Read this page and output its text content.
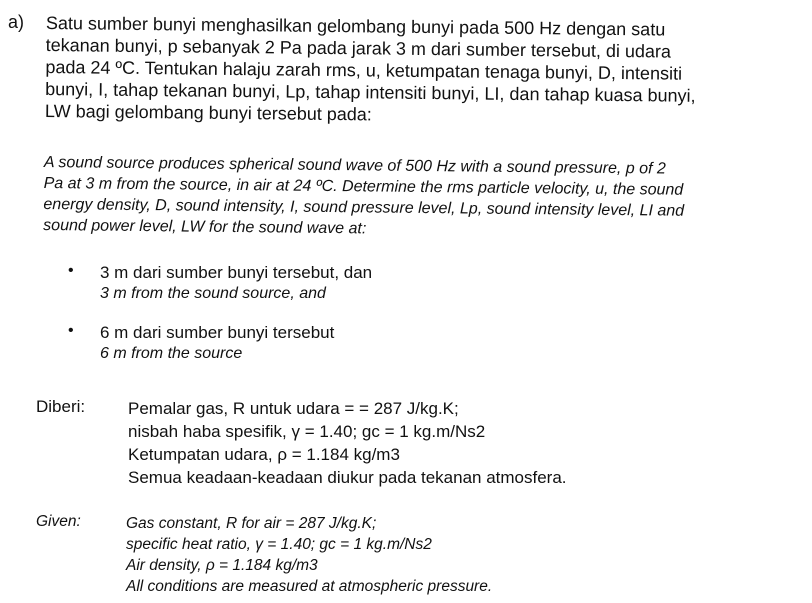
a) Satu sumber bunyi menghasilkan gelombang bunyi pada 500 Hz dengan satu

tekanan bunyi, p sebanyak 2 Pa pada jarak 3 m dari sumber tersebut, di udara

pada 24 ºC. Tentukan halaju zarah rms, u, ketumpatan tenaga bunyi, D, intensiti

bunyi, I, tahap tekanan bunyi, Lp, tahap intensiti bunyi, LI, dan tahap kuasa bunyi,

LW bagi gelombang bunyi tersebut pada:

A sound source produces spherical sound wave of 500 Hz with a sound pressure, p of 2

Pa at 3 m from the source, in air at 24 ºC. Determine the rms particle velocity, u, the sound

energy density, D, sound intensity, I, sound pressure level, Lp, sound intensity level, LI and

sound power level, LW for the sound wave at:

• 3 m dari sumber bunyi tersebut, dan
3 m from the sound source, and
• 6 m dari sumber bunyi tersebut
6 m from the source
Diberi:	Pemalar gas, R untuk udara = = 287 J/kg.K;
nisbah haba spesifik, γ = 1.40; gc = 1 kg.m/Ns2
Ketumpatan udara, ρ = 1.184 kg/m3
Semua keadaan-keadaan diukur pada tekanan atmosfera.
Given:	Gas constant, R for air = 287 J/kg.K;
specific heat ratio, γ = 1.40; gc = 1 kg.m/Ns2
Air density, ρ = 1.184 kg/m3
All conditions are measured at atmospheric pressure.
